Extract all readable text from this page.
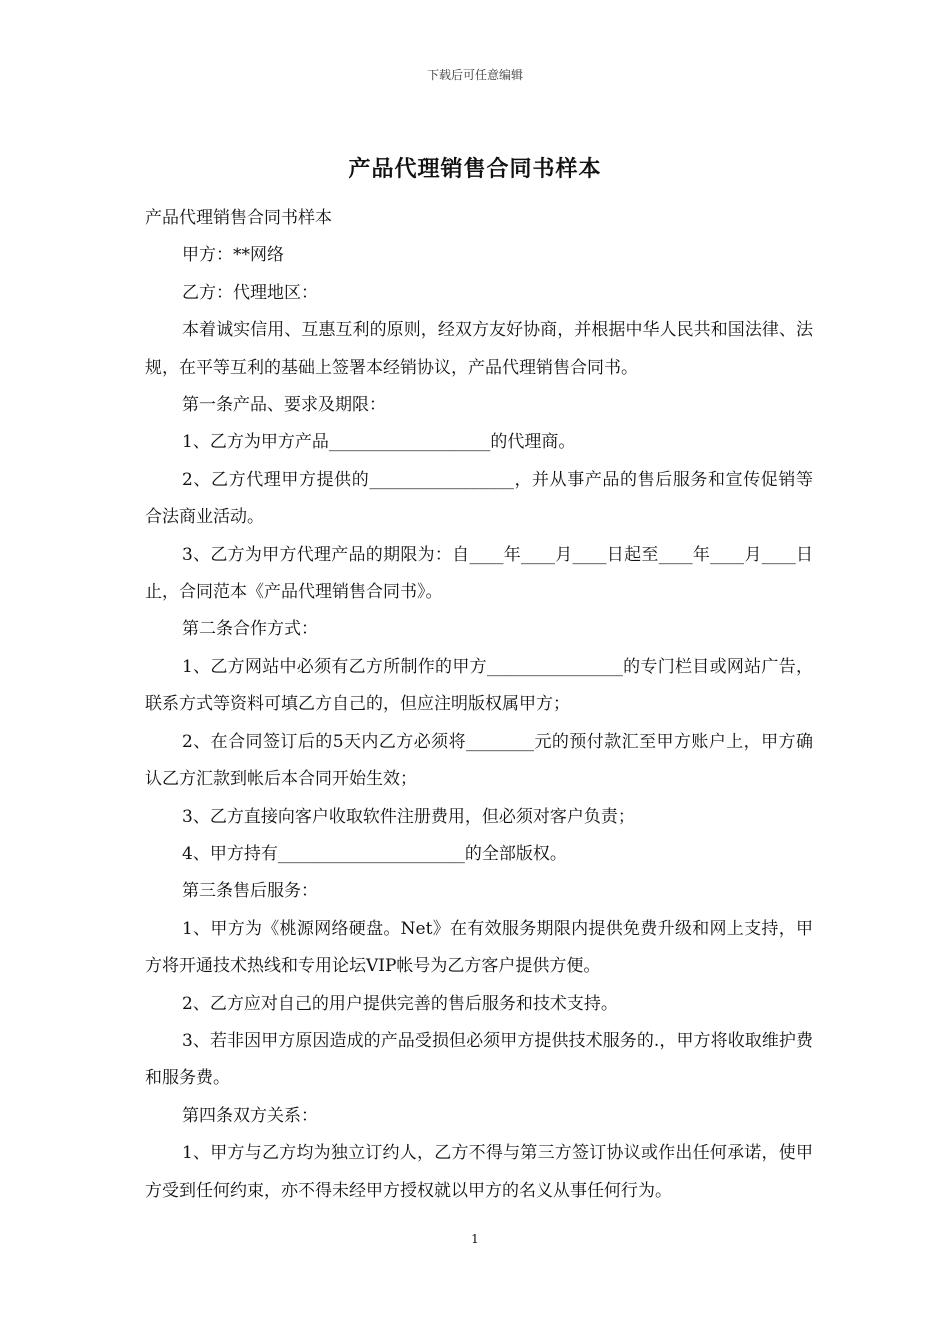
下载后可任意编辑
产品代理销售合同书样本

产品代理销售合同书样本

甲方：**网络

乙方：代理地区：

本着诚实信用、互惠互利的原则，经双方友好协商，并根据中华人民共和国法律、法规，在平等互利的基础上签署本经销协议，产品代理销售合同书。

第一条产品、要求及期限：

1、乙方为甲方产品___________________的代理商。

2、乙方代理甲方提供的_________________，并从事产品的售后服务和宣传促销等合法商业活动。

3、乙方为甲方代理产品的期限为：自____年____月____日起至____年____月____日止，合同范本《产品代理销售合同书》。

第二条合作方式：

1、乙方网站中必须有乙方所制作的甲方________________的专门栏目或网站广告，联系方式等资料可填乙方自己的，但应注明版权属甲方；

2、在合同签订后的5天内乙方必须将________元的预付款汇至甲方账户上，甲方确认乙方汇款到帐后本合同开始生效；

3、乙方直接向客户收取软件注册费用，但必须对客户负责；

4、甲方持有______________________的全部版权。

第三条售后服务：

1、甲方为《桃源网络硬盘。Net》在有效服务期限内提供免费升级和网上支持，甲方将开通技术热线和专用论坛VIP帐号为乙方客户提供方便。

2、乙方应对自己的用户提供完善的售后服务和技术支持。

3、若非因甲方原因造成的产品受损但必须甲方提供技术服务的.，甲方将收取维护费和服务费。

第四条双方关系：

1、甲方与乙方均为独立订约人，乙方不得与第三方签订协议或作出任何承诺，使甲方受到任何约束，亦不得未经甲方授权就以甲方的名义从事任何行为。

1
